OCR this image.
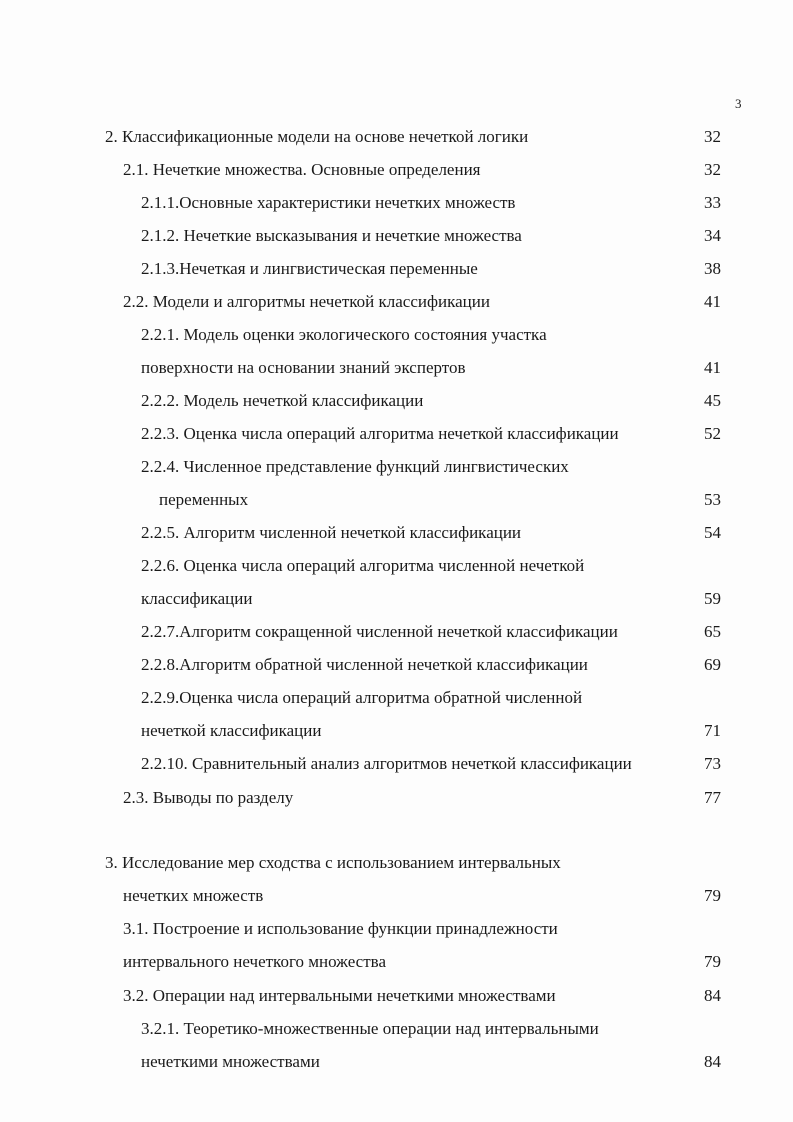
3
2. Классификационные модели на основе нечеткой логики	32
2.1. Нечеткие множества. Основные определения	32
2.1.1.Основные характеристики нечетких множеств	33
2.1.2. Нечеткие высказывания и нечеткие множества	34
2.1.3.Нечеткая и лингвистическая переменные	38
2.2. Модели и алгоритмы нечеткой классификации	41
2.2.1. Модель оценки экологического состояния участка
поверхности на основании знаний экспертов	41
2.2.2. Модель нечеткой классификации	45
2.2.3. Оценка числа операций алгоритма нечеткой классификации	52
2.2.4. Численное представление функций лингвистических
переменных	53
2.2.5. Алгоритм численной нечеткой классификации	54
2.2.6. Оценка числа операций алгоритма численной нечеткой
классификации	59
2.2.7.Алгоритм сокращенной численной нечеткой классификации	65
2.2.8.Алгоритм обратной численной нечеткой классификации	69
2.2.9.Оценка числа операций алгоритма обратной численной
нечеткой классификации	71
2.2.10. Сравнительный анализ алгоритмов нечеткой классификации	73
2.3. Выводы по разделу	77
3. Исследование мер сходства с использованием интервальных
нечетких множеств	79
3.1. Построение и использование функции принадлежности
интервального нечеткого множества	79
3.2. Операции над интервальными нечеткими множествами	84
3.2.1. Теоретико-множественные операции над интервальными
нечеткими множествами	84
